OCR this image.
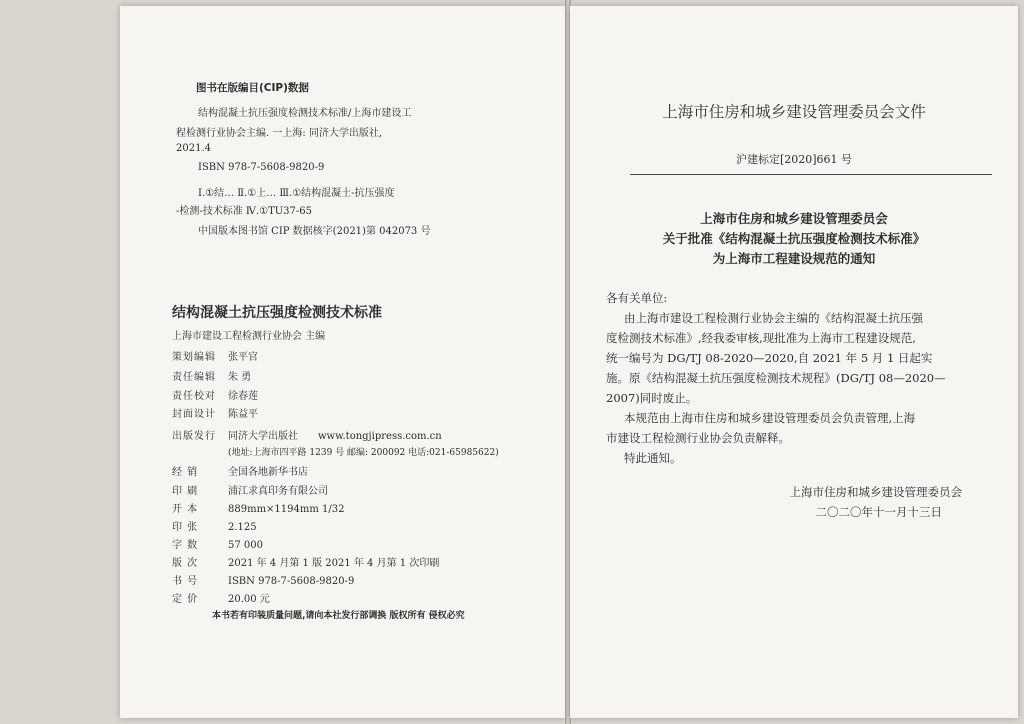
图书在版编目(CIP)数据
结构混凝土抗压强度检测技术标准/上海市建设工
程检测行业协会主编. 一上海: 同济大学出版社,
2021.4
ISBN 978-7-5608-9820-9
Ⅰ.①结… Ⅱ.①上… Ⅲ.①结构混凝土-抗压强度
-检测-技术标准 Ⅳ.①TU37-65
中国版本图书馆 CIP 数据核字(2021)第 042073 号
结构混凝土抗压强度检测技术标准
上海市建设工程检测行业协会 主编
策划编辑 张平官
责任编辑 朱 勇
责任校对 徐春莲
封面设计 陈益平
出版发行 同济大学出版社 www.tongjipress.com.cn
(地址:上海市四平路 1239 号 邮编: 200092 电话:021-65985622)
经 销	全国各地新华书店
印 刷	浦江求真印务有限公司
开 本	889mm×1194mm 1/32
印 张	2.125
字 数	57 000
版 次	2021 年 4 月第 1 版 2021 年 4 月第 1 次印刷
书 号	ISBN 978-7-5608-9820-9
定 价	20.00 元
本书若有印装质量问题,请向本社发行部调换 版权所有 侵权必究
上海市住房和城乡建设管理委员会文件
沪建标定[2020]661 号
上海市住房和城乡建设管理委员会
关于批准《结构混凝土抗压强度检测技术标准》
为上海市工程建设规范的通知
各有关单位:
由上海市建设工程检测行业协会主编的《结构混凝土抗压强
度检测技术标准》,经我委审核,现批准为上海市工程建设规范,
统一编号为 DG/TJ 08-2020—2020,自 2021 年 5 月 1 日起实
施。原《结构混凝土抗压强度检测技术规程》(DG/TJ 08—2020—
2007)同时废止。
本规范由上海市住房和城乡建设管理委员会负责管理,上海
市建设工程检测行业协会负责解释。
特此通知。
上海市住房和城乡建设管理委员会
二〇二〇年十一月十三日
